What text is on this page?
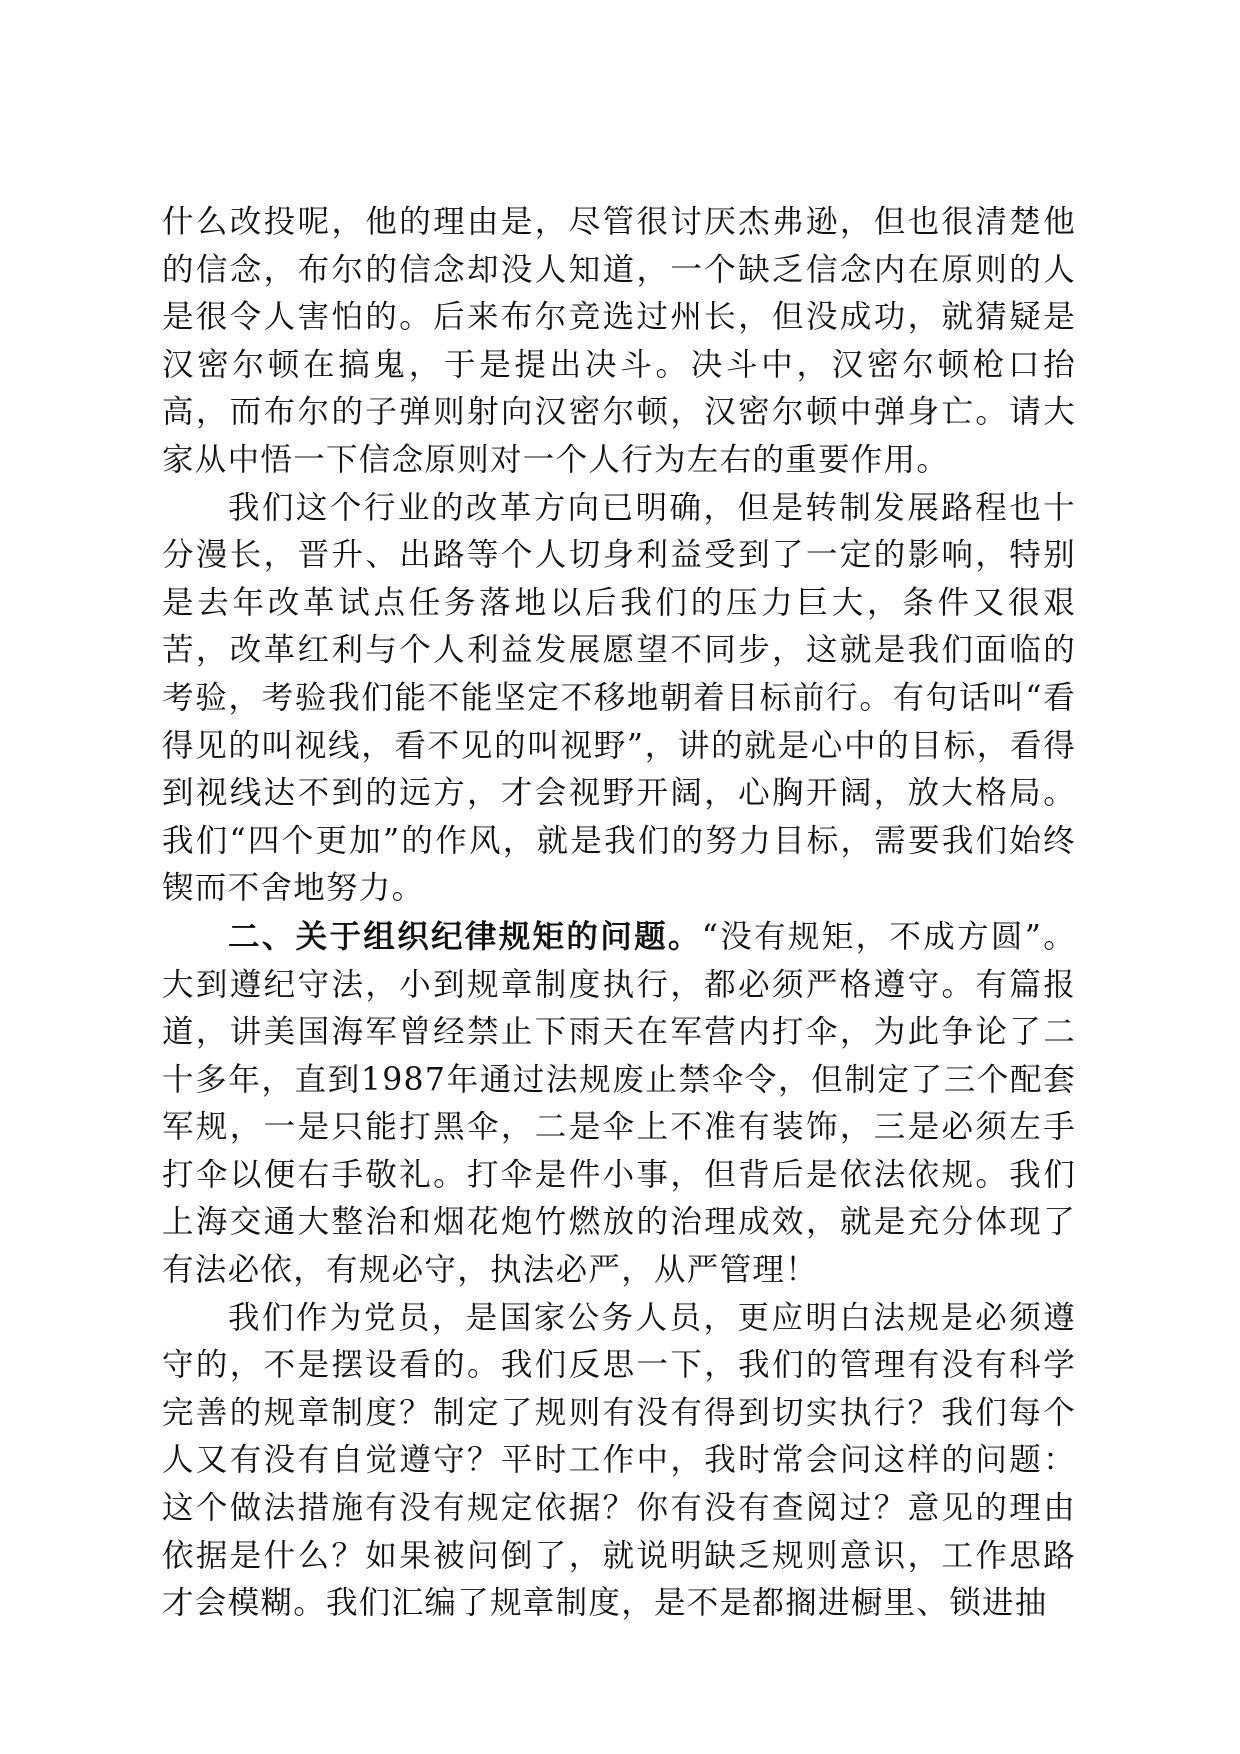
什么改投呢，他的理由是，尽管很讨厌杰弗逊，但也很清楚他的信念，布尔的信念却没人知道，一个缺乏信念内在原则的人是很令人害怕的。后来布尔竞选过州长，但没成功，就猜疑是汉密尔顿在搞鬼，于是提出决斗。决斗中，汉密尔顿枪口抬高，而布尔的子弹则射向汉密尔顿，汉密尔顿中弹身亡。请大家从中悟一下信念原则对一个人行为左右的重要作用。

我们这个行业的改革方向已明确，但是转制发展路程也十分漫长，晋升、出路等个人切身利益受到了一定的影响，特别是去年改革试点任务落地以后我们的压力巨大，条件又很艰苦，改革红利与个人利益发展愿望不同步，这就是我们面临的考验，考验我们能不能坚定不移地朝着目标前行。有句话叫“看得见的叫视线，看不见的叫视野”，讲的就是心中的目标，看得到视线达不到的远方，才会视野开阔，心胸开阔，放大格局。我们“四个更加”的作风，就是我们的努力目标，需要我们始终锲而不舍地努力。

二、关于组织纪律规矩的问题。“没有规矩，不成方圆”。大到遵纪守法，小到规章制度执行，都必须严格遵守。有篇报道，讲美国海军曾经禁止下雨天在军营内打伞，为此争论了二十多年，直到1987年通过法规废止禁伞令，但制定了三个配套军规，一是只能打黑伞，二是伞上不准有装饰，三是必须左手打伞以便右手敬礼。打伞是件小事，但背后是依法依规。我们上海交通大整治和烟花炮竹燃放的治理成效，就是充分体现了有法必依，有规必守，执法必严，从严管理！

我们作为党员，是国家公务人员，更应明白法规是必须遵守的，不是摆设看的。我们反思一下，我们的管理有没有科学完善的规章制度？制定了规则有没有得到切实执行？我们每个人又有没有自觉遵守？平时工作中，我时常会问这样的问题：这个做法措施有没有规定依据？你有没有查阅过？意见的理由依据是什么？如果被问倒了，就说明缺乏规则意识，工作思路才会模糊。我们汇编了规章制度，是不是都搁进橱里、锁进抽
